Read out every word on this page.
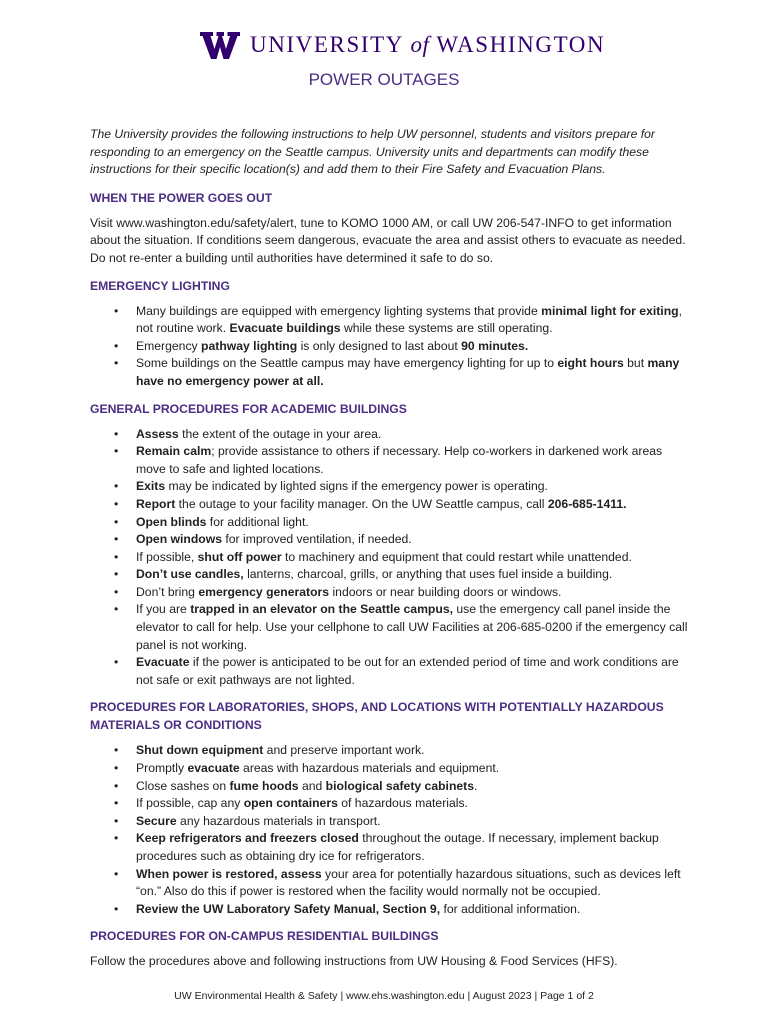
UNIVERSITY of WASHINGTON
POWER OUTAGES

The University provides the following instructions to help UW personnel, students and visitors prepare for responding to an emergency on the Seattle campus. University units and departments can modify these instructions for their specific location(s) and add them to their Fire Safety and Evacuation Plans.

WHEN THE POWER GOES OUT

Visit www.washington.edu/safety/alert, tune to KOMO 1000 AM, or call UW 206-547-INFO to get information about the situation. If conditions seem dangerous, evacuate the area and assist others to evacuate as needed. Do not re-enter a building until authorities have determined it safe to do so.

EMERGENCY LIGHTING
• Many buildings are equipped with emergency lighting systems that provide minimal light for exiting, not routine work. Evacuate buildings while these systems are still operating.
• Emergency pathway lighting is only designed to last about 90 minutes.
• Some buildings on the Seattle campus may have emergency lighting for up to eight hours but many have no emergency power at all.
GENERAL PROCEDURES FOR ACADEMIC BUILDINGS
• Assess the extent of the outage in your area.
• Remain calm; provide assistance to others if necessary. Help co-workers in darkened work areas move to safe and lighted locations.
• Exits may be indicated by lighted signs if the emergency power is operating.
• Report the outage to your facility manager. On the UW Seattle campus, call 206-685-1411.
• Open blinds for additional light.
• Open windows for improved ventilation, if needed.
• If possible, shut off power to machinery and equipment that could restart while unattended.
• Don’t use candles, lanterns, charcoal, grills, or anything that uses fuel inside a building.
• Don’t bring emergency generators indoors or near building doors or windows.
• If you are trapped in an elevator on the Seattle campus, use the emergency call panel inside the elevator to call for help. Use your cellphone to call UW Facilities at 206-685-0200 if the emergency call panel is not working.
• Evacuate if the power is anticipated to be out for an extended period of time and work conditions are not safe or exit pathways are not lighted.
PROCEDURES FOR LABORATORIES, SHOPS, AND LOCATIONS WITH POTENTIALLY HAZARDOUS MATERIALS OR CONDITIONS
• Shut down equipment and preserve important work.
• Promptly evacuate areas with hazardous materials and equipment.
• Close sashes on fume hoods and biological safety cabinets.
• If possible, cap any open containers of hazardous materials.
• Secure any hazardous materials in transport.
• Keep refrigerators and freezers closed throughout the outage. If necessary, implement backup procedures such as obtaining dry ice for refrigerators.
• When power is restored, assess your area for potentially hazardous situations, such as devices left “on.” Also do this if power is restored when the facility would normally not be occupied.
• Review the UW Laboratory Safety Manual, Section 9, for additional information.
PROCEDURES FOR ON-CAMPUS RESIDENTIAL BUILDINGS

Follow the procedures above and following instructions from UW Housing & Food Services (HFS).

UW Environmental Health & Safety | www.ehs.washington.edu | August 2023 | Page 1 of 2
